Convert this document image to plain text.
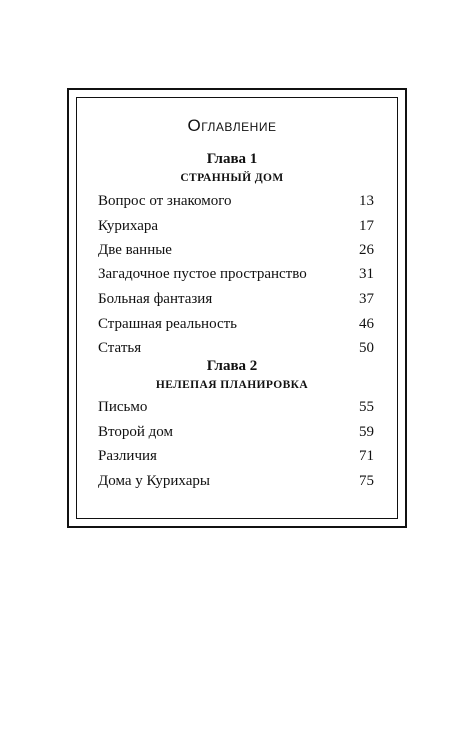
Оглавление
Глава 1
СТРАННЫЙ ДОМ
Вопрос от знакомого	13
Курихара	17
Две ванные	26
Загадочное пустое пространство	31
Больная фантазия	37
Страшная реальность	46
Статья	50
Глава 2
НЕЛЕПАЯ ПЛАНИРОВКА
Письмо	55
Второй дом	59
Различия	71
Дома у Курихары	75
